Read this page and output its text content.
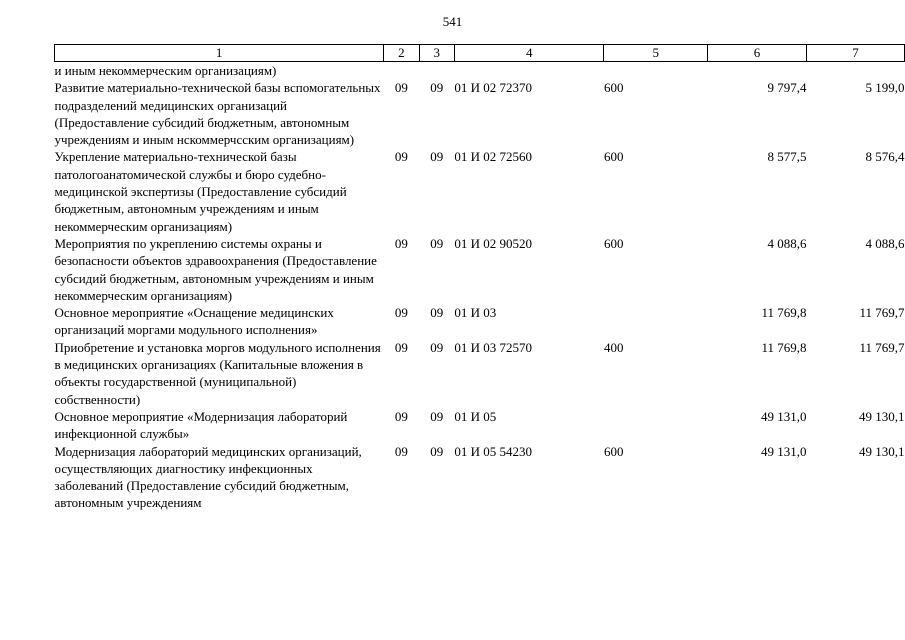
541
1	2	3	4	5	6	7
и иным некоммерческим организациям)						
Развитие материально-технической базы вспомогательных подразделений медицинских организаций (Предоставление субсидий бюджетным, автономным учреждениям и иным нскоммерчсским организациям)	09	09	01 И 02 72370	600	9 797,4	5 199,0
Укрепление материально-технической базы патологоанатомической службы и бюро судебно-медицинской экспертизы (Предоставление субсидий бюджетным, автономным учреждениям и иным некоммерческим организациям)	09	09	01 И 02 72560	600	8 577,5	8 576,4
Мероприятия по укреплению системы охраны и безопасности объектов здравоохранения (Предоставление субсидий бюджетным, автономным учреждениям и иным некоммерческим организациям)	09	09	01 И 02 90520	600	4 088,6	4 088,6
Основное мероприятие «Оснащение медицинских организаций моргами модульного исполнения»	09	09	01 И 03		11 769,8	11 769,7
Приобретение и установка моргов модульного исполнения в медицинских организациях (Капитальные вложения в объекты государственной (муниципальной) собственности)	09	09	01 И 03 72570	400	11 769,8	11 769,7
Основное мероприятие «Модернизация лабораторий инфекционной службы»	09	09	01 И 05		49 131,0	49 130,1
Модернизация лабораторий медицинских организаций, осуществляющих диагностику инфекционных заболеваний (Предоставление субсидий бюджетным, автономным учреждениям	09	09	01 И 05 54230	600	49 131,0	49 130,1
